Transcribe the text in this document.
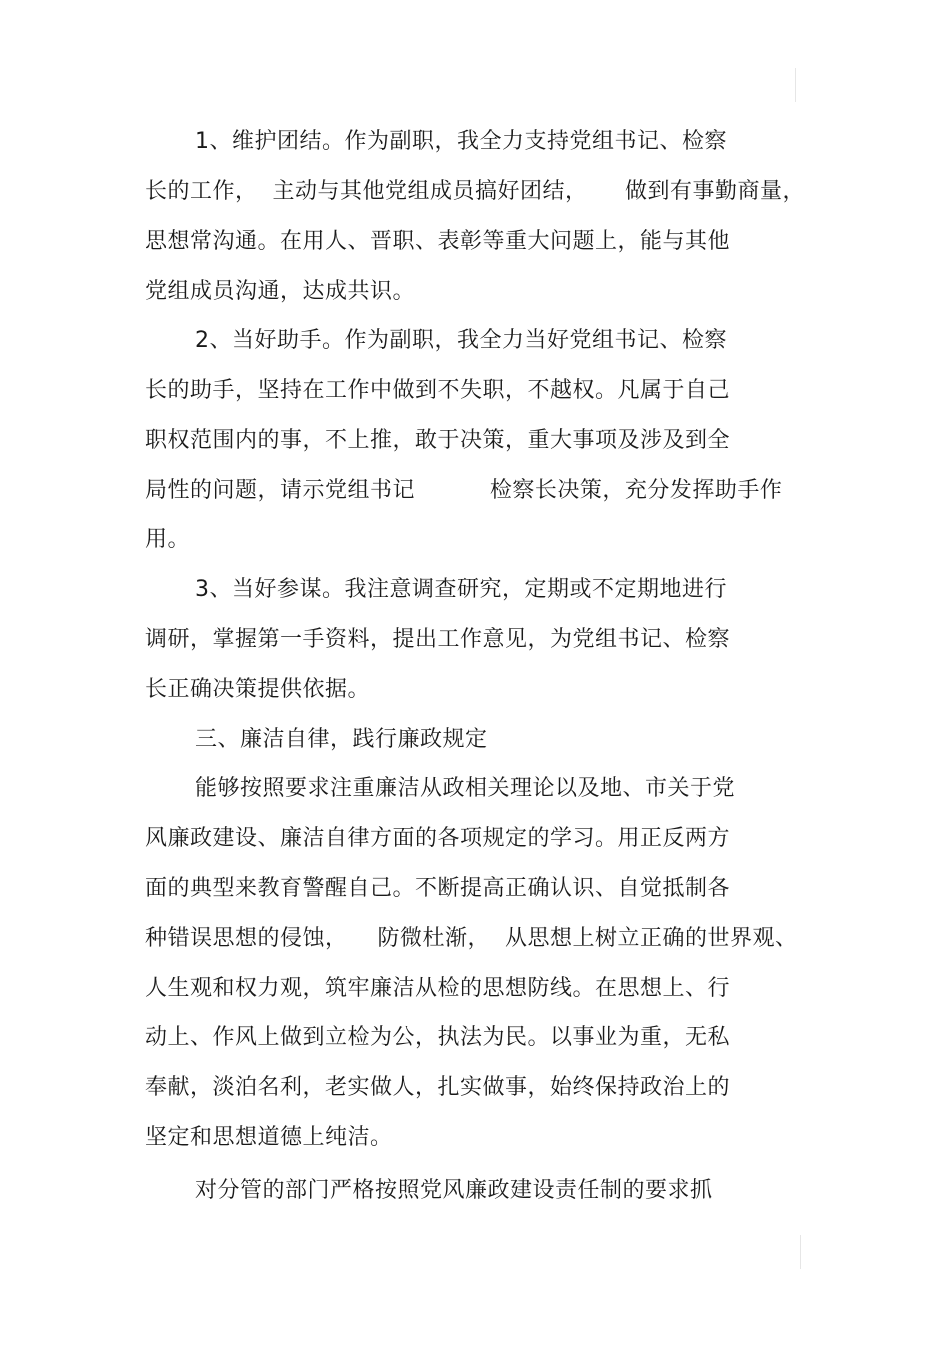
1、维护团结。作为副职，我全力支持党组书记、检察
长的工作，  主动与其他党组成员搞好团结，     做到有事勤商量，
思想常沟通。在用人、晋职、表彰等重大问题上，能与其他
党组成员沟通，达成共识。
2、当好助手。作为副职，我全力当好党组书记、检察
长的助手，坚持在工作中做到不失职，不越权。凡属于自己
职权范围内的事，不上推，敢于决策，重大事项及涉及到全
局性的问题，请示党组书记          检察长决策，充分发挥助手作
用。
3、当好参谋。我注意调查研究，定期或不定期地进行
调研，掌握第一手资料，提出工作意见，为党组书记、检察
长正确决策提供依据。
三、廉洁自律，践行廉政规定
能够按照要求注重廉洁从政相关理论以及地、市关于党
风廉政建设、廉洁自律方面的各项规定的学习。用正反两方
面的典型来教育警醒自己。不断提高正确认识、自觉抵制各
种错误思想的侵蚀，    防微杜渐，  从思想上树立正确的世界观、
人生观和权力观，筑牢廉洁从检的思想防线。在思想上、行
动上、作风上做到立检为公，执法为民。以事业为重，无私
奉献，淡泊名利，老实做人，扎实做事，始终保持政治上的
坚定和思想道德上纯洁。
对分管的部门严格按照党风廉政建设责任制的要求抓
